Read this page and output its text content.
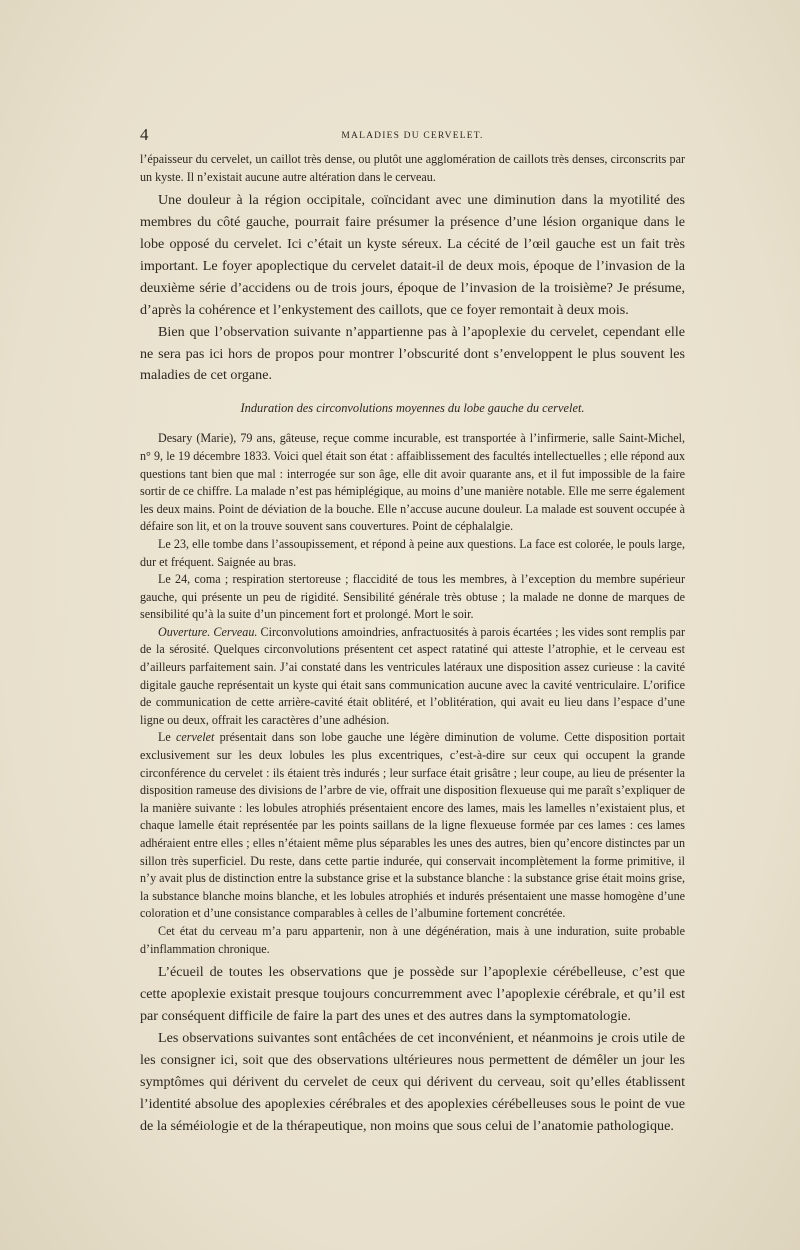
4	MALADIES DU CERVELET.

l’épaisseur du cervelet, un caillot très dense, ou plutôt une agglomération de caillots très denses, circonscrits par un kyste. Il n’existait aucune autre altération dans le cerveau.

Une douleur à la région occipitale, coïncidant avec une diminution dans la myotilité des membres du côté gauche, pourrait faire présumer la présence d’une lésion organique dans le lobe opposé du cervelet. Ici c’était un kyste séreux. La cécité de l’œil gauche est un fait très important. Le foyer apoplectique du cervelet datait-il de deux mois, époque de l’invasion de la deuxième série d’accidens ou de trois jours, époque de l’invasion de la troisième? Je présume, d’après la cohérence et l’enkystement des caillots, que ce foyer remontait à deux mois.

Bien que l’observation suivante n’appartienne pas à l’apoplexie du cervelet, cependant elle ne sera pas ici hors de propos pour montrer l’obscurité dont s’enveloppent le plus souvent les maladies de cet organe.

Induration des circonvolutions moyennes du lobe gauche du cervelet.

Desary (Marie), 79 ans, gâteuse, reçue comme incurable, est transportée à l’infirmerie, salle Saint-Michel, n° 9, le 19 décembre 1833. Voici quel était son état : affaiblissement des facultés intellectuelles ; elle répond aux questions tant bien que mal : interrogée sur son âge, elle dit avoir quarante ans, et il fut impossible de la faire sortir de ce chiffre. La malade n’est pas hémiplégique, au moins d’une manière notable. Elle me serre également les deux mains. Point de déviation de la bouche. Elle n’accuse aucune douleur. La malade est souvent occupée à défaire son lit, et on la trouve souvent sans couvertures. Point de céphalalgie.

Le 23, elle tombe dans l’assoupissement, et répond à peine aux questions. La face est colorée, le pouls large, dur et fréquent. Saignée au bras.

Le 24, coma ; respiration stertoreuse ; flaccidité de tous les membres, à l’exception du membre supérieur gauche, qui présente un peu de rigidité. Sensibilité générale très obtuse ; la malade ne donne de marques de sensibilité qu’à la suite d’un pincement fort et prolongé. Mort le soir.

Ouverture. Cerveau. Circonvolutions amoindries, anfractuosités à parois écartées ; les vides sont remplis par de la sérosité. Quelques circonvolutions présentent cet aspect ratatiné qui atteste l’atrophie, et le cerveau est d’ailleurs parfaitement sain. J’ai constaté dans les ventricules latéraux une disposition assez curieuse : la cavité digitale gauche représentait un kyste qui était sans communication aucune avec la cavité ventriculaire. L’orifice de communication de cette arrière-cavité était oblitéré, et l’oblitération, qui avait eu lieu dans l’espace d’une ligne ou deux, offrait les caractères d’une adhésion.

Le cervelet présentait dans son lobe gauche une légère diminution de volume. Cette disposition portait exclusivement sur les deux lobules les plus excentriques, c’est-à-dire sur ceux qui occupent la grande circonférence du cervelet : ils étaient très indurés ; leur surface était grisâtre ; leur coupe, au lieu de présenter la disposition rameuse des divisions de l’arbre de vie, offrait une disposition flexueuse qui me paraît s’expliquer de la manière suivante : les lobules atrophiés présentaient encore des lames, mais les lamelles n’existaient plus, et chaque lamelle était représentée par les points saillans de la ligne flexueuse formée par ces lames : ces lames adhéraient entre elles ; elles n’étaient même plus séparables les unes des autres, bien qu’encore distinctes par un sillon très superficiel. Du reste, dans cette partie indurée, qui conservait incomplètement la forme primitive, il n’y avait plus de distinction entre la substance grise et la substance blanche : la substance grise était moins grise, la substance blanche moins blanche, et les lobules atrophiés et indurés présentaient une masse homogène d’une coloration et d’une consistance comparables à celles de l’albumine fortement concrétée.

Cet état du cerveau m’a paru appartenir, non à une dégénération, mais à une induration, suite probable d’inflammation chronique.

L’écueil de toutes les observations que je possède sur l’apoplexie cérébelleuse, c’est que cette apoplexie existait presque toujours concurremment avec l’apoplexie cérébrale, et qu’il est par conséquent difficile de faire la part des unes et des autres dans la symptomatologie.

Les observations suivantes sont entâchées de cet inconvénient, et néanmoins je crois utile de les consigner ici, soit que des observations ultérieures nous permettent de démêler un jour les symptômes qui dérivent du cervelet de ceux qui dérivent du cerveau, soit qu’elles établissent l’identité absolue des apoplexies cérébrales et des apoplexies cérébelleuses sous le point de vue de la séméiologie et de la thérapeutique, non moins que sous celui de l’anatomie pathologique.
